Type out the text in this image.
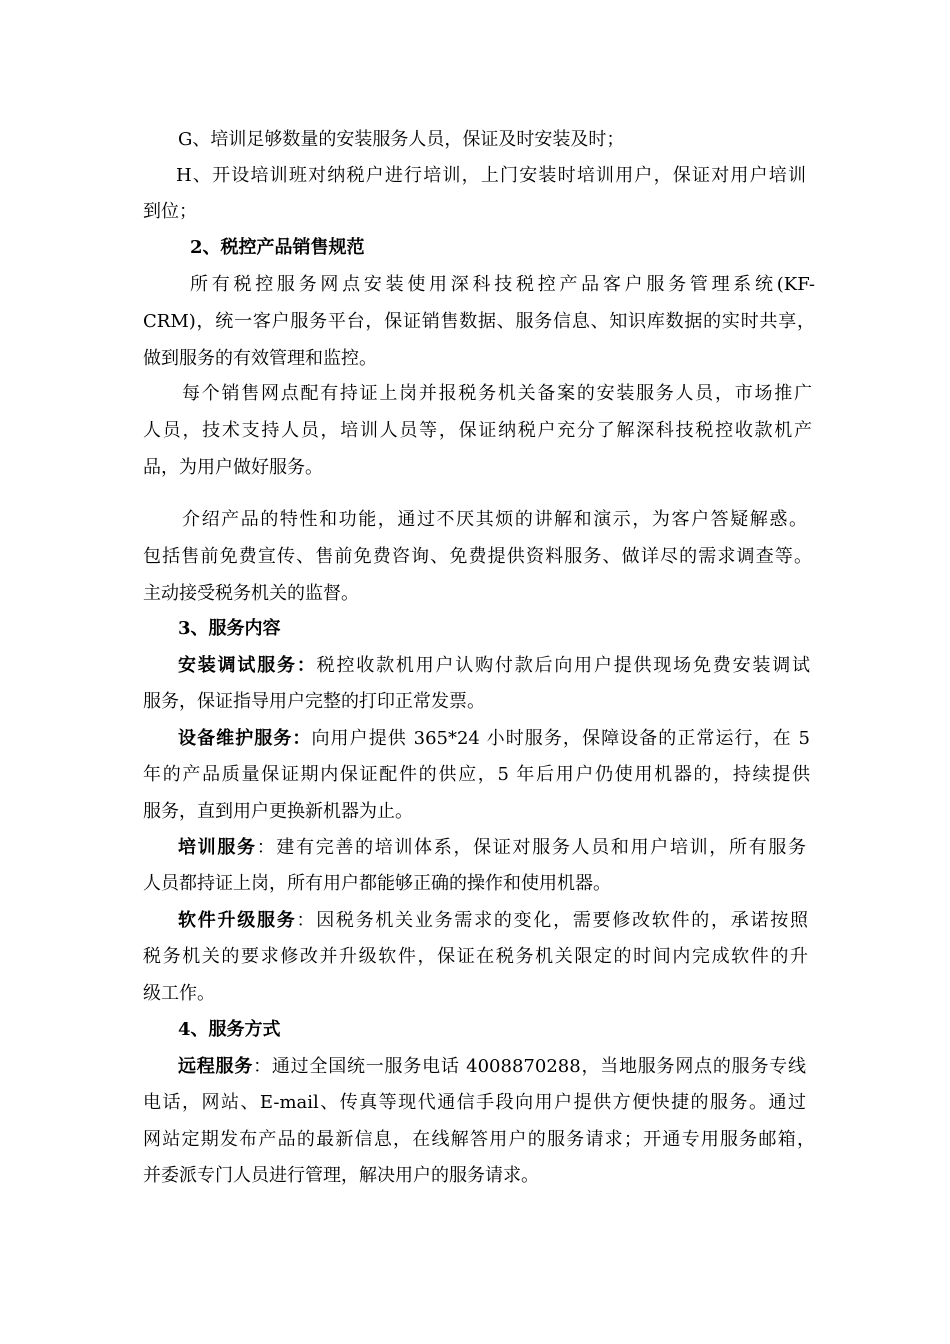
G、培训足够数量的安装服务人员，保证及时安装及时；

H、开设培训班对纳税户进行培训，上门安装时培训用户，保证对用户培训

到位；

2、税控产品销售规范

所有税控服务网点安装使用深科技税控产品客户服务管理系统(KF-

CRM)，统一客户服务平台，保证销售数据、服务信息、知识库数据的实时共享，

做到服务的有效管理和监控。

每个销售网点配有持证上岗并报税务机关备案的安装服务人员，市场推广

人员，技术支持人员，培训人员等，保证纳税户充分了解深科技税控收款机产

品，为用户做好服务。

介绍产品的特性和功能，通过不厌其烦的讲解和演示，为客户答疑解惑。

包括售前免费宣传、售前免费咨询、免费提供资料服务、做详尽的需求调查等。

主动接受税务机关的监督。

3、服务内容

安装调试服务：税控收款机用户认购付款后向用户提供现场免费安装调试

服务，保证指导用户完整的打印正常发票。

设备维护服务：向用户提供 365*24 小时服务，保障设备的正常运行，在 5

年的产品质量保证期内保证配件的供应，5 年后用户仍使用机器的，持续提供

服务，直到用户更换新机器为止。

培训服务：建有完善的培训体系，保证对服务人员和用户培训，所有服务

人员都持证上岗，所有用户都能够正确的操作和使用机器。

软件升级服务：因税务机关业务需求的变化，需要修改软件的，承诺按照

税务机关的要求修改并升级软件，保证在税务机关限定的时间内完成软件的升

级工作。

4、服务方式

远程服务：通过全国统一服务电话 4008870288，当地服务网点的服务专线

电话，网站、E-mail、传真等现代通信手段向用户提供方便快捷的服务。通过

网站定期发布产品的最新信息，在线解答用户的服务请求；开通专用服务邮箱，

并委派专门人员进行管理，解决用户的服务请求。
